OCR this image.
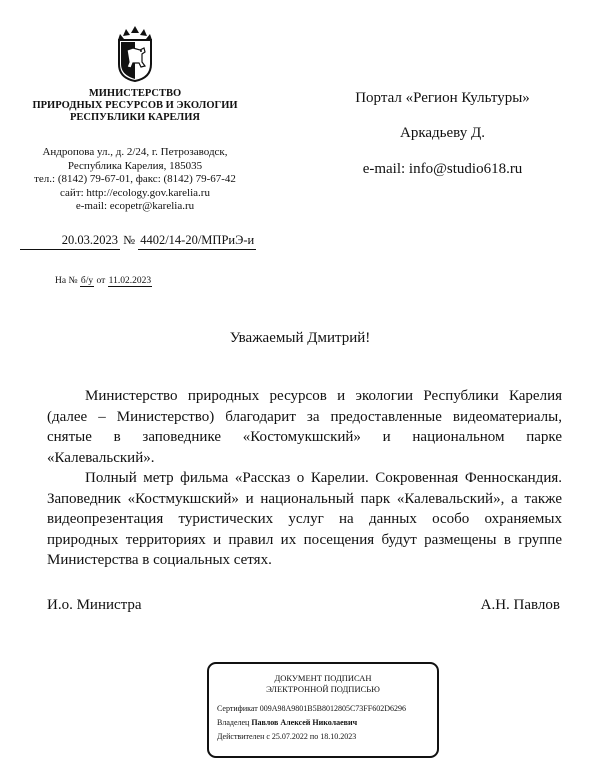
МИНИСТЕРСТВО
ПРИРОДНЫХ РЕСУРСОВ И ЭКОЛОГИИ
РЕСПУБЛИКИ КАРЕЛИЯ
Андропова ул., д. 2/24, г. Петрозаводск,
Республика Карелия, 185035
тел.: (8142) 79-67-01, факс: (8142) 79-67-42
сайт: http://ecology.gov.karelia.ru
e-mail: ecopetr@karelia.ru
20.03.2023 № 4402/14-20/МПРиЭ-и
На № б/у от 11.02.2023
Портал «Регион Культуры»
Аркадьеву Д.
e-mail: info@studio618.ru
Уважаемый Дмитрий!

Министерство природных ресурсов и экологии Республики Карелия (далее – Министерство) благодарит за предоставленные видеоматериалы, снятые в заповеднике «Костомукшский» и национальном парке «Калевальский».

Полный метр фильма «Рассказ о Карелии. Сокровенная Фенноскандия. Заповедник «Костмукшский» и национальный парк «Калевальский», а также видеопрезентация туристических услуг на данных особо охраняемых природных территориях и правил их посещения будут размещены в группе Министерства в социальных сетях.

И.о. Министра	А.Н. Павлов
ДОКУМЕНТ ПОДПИСАН
ЭЛЕКТРОННОЙ ПОДПИСЬЮ
Сертификат 009A98A9801B5B8012805C73FF602D6296
Владелец Павлов Алексей Николаевич
Действителен с 25.07.2022 по 18.10.2023
